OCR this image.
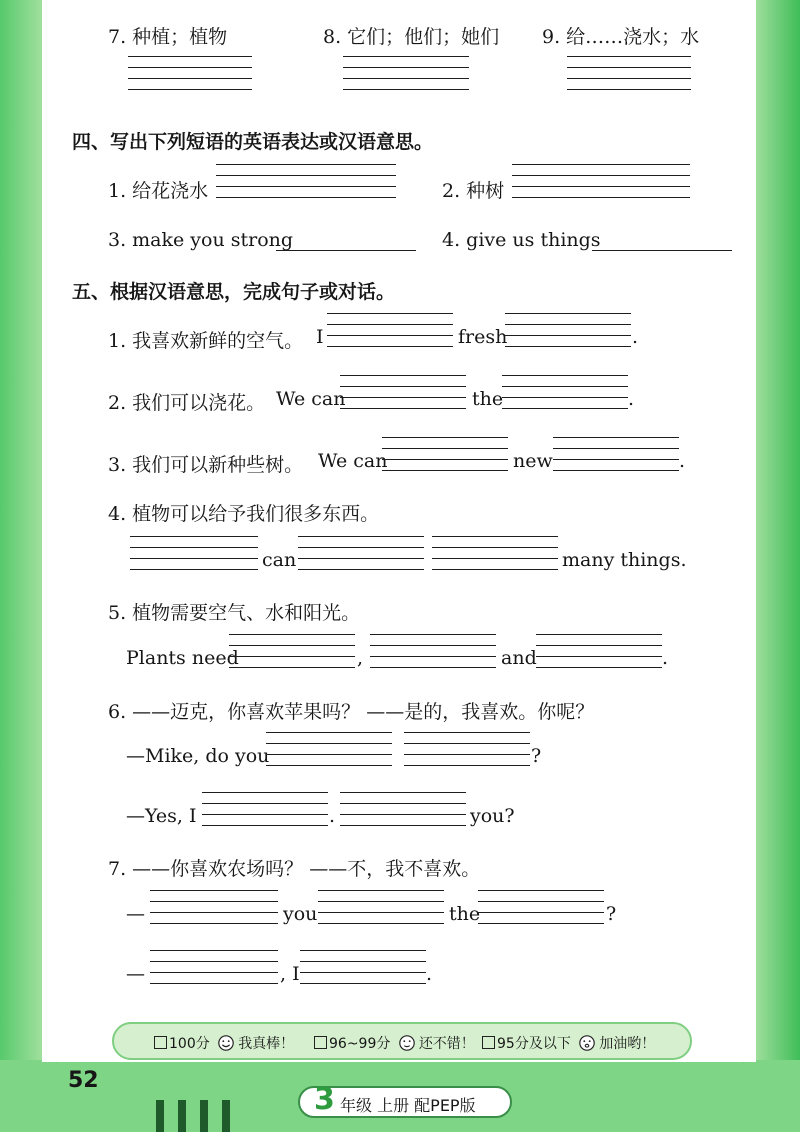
7. 种植；植物	8. 它们；他们；她们 9. 给……浇水；水
四、写出下列短语的英语表达或汉语意思。
1. 给花浇水	2. 种树
3. make you strong	4. give us things
五、根据汉语意思，完成句子或对话。
1. 我喜欢新鲜的空气。 I	fresh	.
2. 我们可以浇花。 We can	the	.
3. 我们可以新种些树。 We can	new	.
4. 植物可以给予我们很多东西。
can	many things.
5. 植物需要空气、水和阳光。
Plants need	,	and	.
6. ——迈克，你喜欢苹果吗？ ——是的，我喜欢。你呢？
—Mike, do you	?
—Yes, I	.	you?
7. ——你喜欢农场吗？ ——不，我不喜欢。
—	you	the	?
—	, I	.
100分 我真棒！	96~99分 还不错！	95分及以下 加油哟！
52
3 年级 上册 配PEP版
